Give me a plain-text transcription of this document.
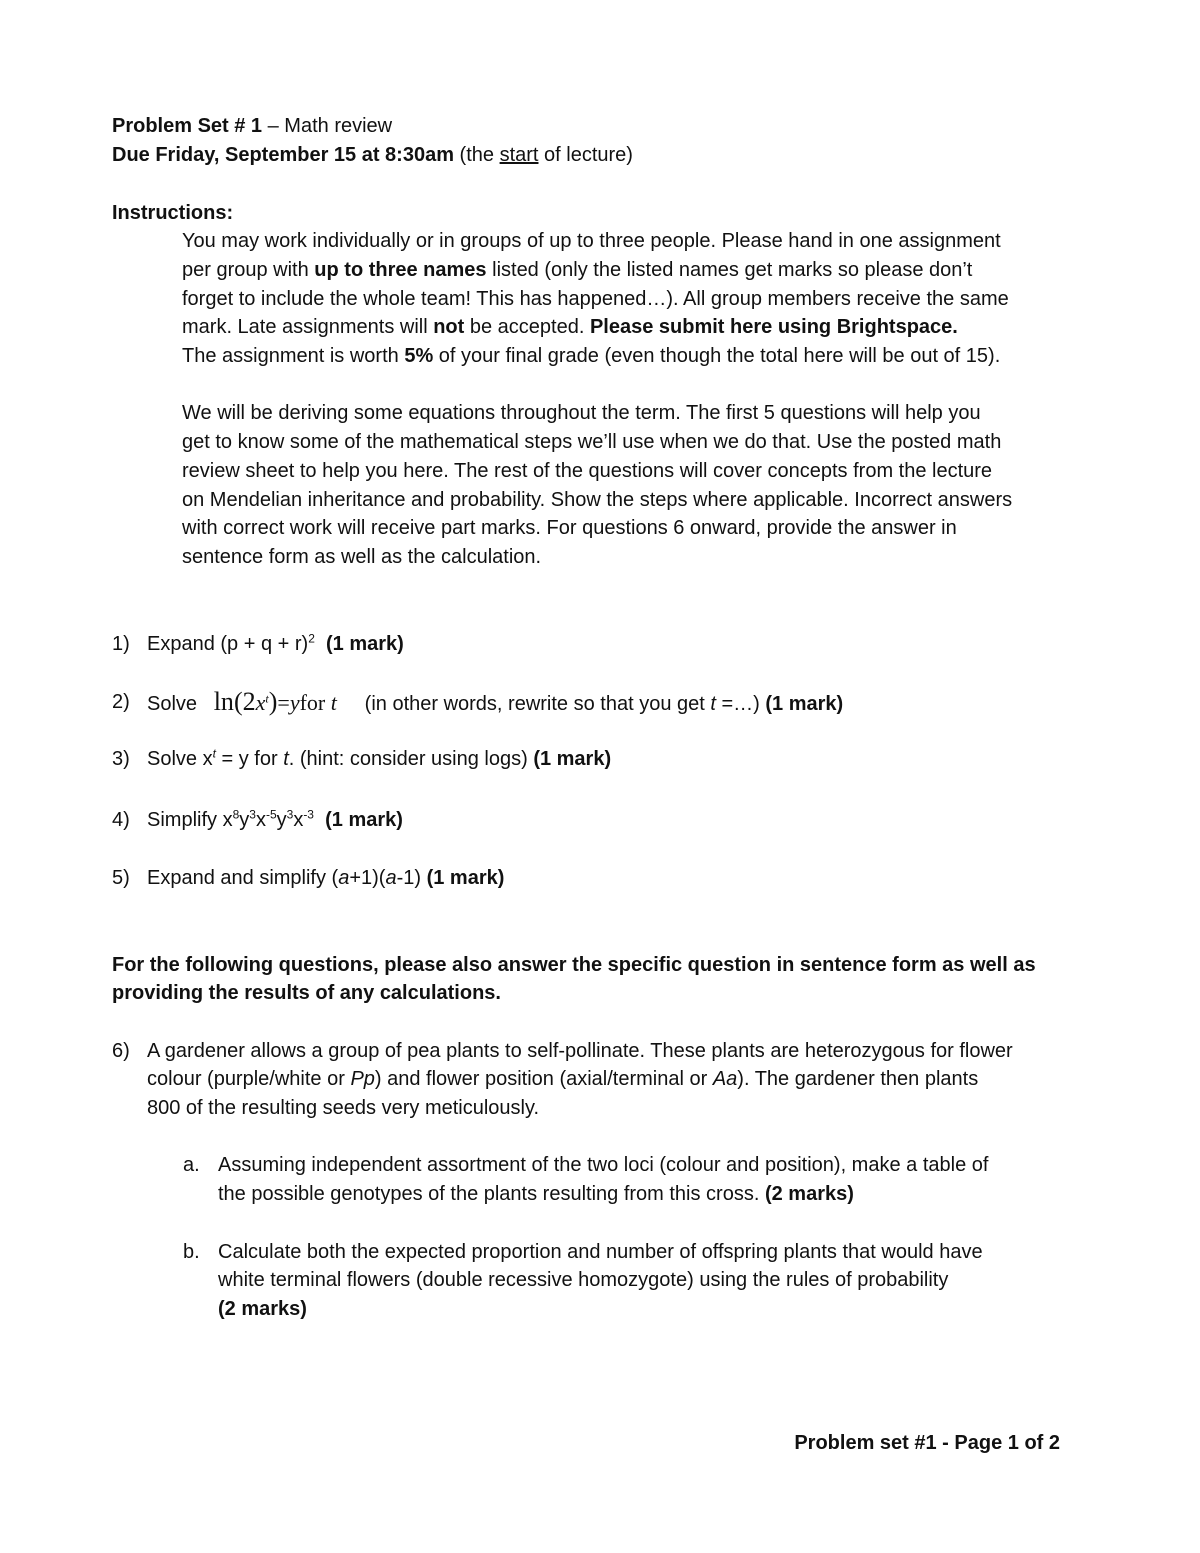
Problem Set # 1 – Math review
Due Friday, September 15 at 8:30am (the start of lecture)
Instructions:
You may work individually or in groups of up to three people. Please hand in one assignment
per group with up to three names listed (only the listed names get marks so please don’t
forget to include the whole team! This has happened…). All group members receive the same
mark. Late assignments will not be accepted. Please submit here using Brightspace.
The assignment is worth 5% of your final grade (even though the total here will be out of 15).
We will be deriving some equations throughout the term. The first 5 questions will help you
get to know some of the mathematical steps we’ll use when we do that. Use the posted math
review sheet to help you here. The rest of the questions will cover concepts from the lecture
on Mendelian inheritance and probability. Show the steps where applicable. Incorrect answers
with correct work will receive part marks. For questions 6 onward, provide the answer in
sentence form as well as the calculation.
1) Expand $(p + q + r)^2$ (1 mark)
2) Solve $\ln(2x^t)=yfor$ t (in other words, rewrite so that you get t =…) (1 mark)
3) Solve $x^t = y$ for t. (hint: consider using logs) (1 mark)
4) Simplify $x^8y^3x^{-5}y^3x^{-3}$ (1 mark)
5) Expand and simplify (a+1)(a-1) (1 mark)
For the following questions, please also answer the specific question in sentence form as well as
providing the results of any calculations.
6) A gardener allows a group of pea plants to self-pollinate. These plants are heterozygous for flower
colour (purple/white or Pp) and flower position (axial/terminal or Aa). The gardener then plants
800 of the resulting seeds very meticulously.
a. Assuming independent assortment of the two loci (colour and position), make a table of
the possible genotypes of the plants resulting from this cross. (2 marks)
b. Calculate both the expected proportion and number of offspring plants that would have
white terminal flowers (double recessive homozygote) using the rules of probability
(2 marks)
Problem set #1 - Page 1 of 2
